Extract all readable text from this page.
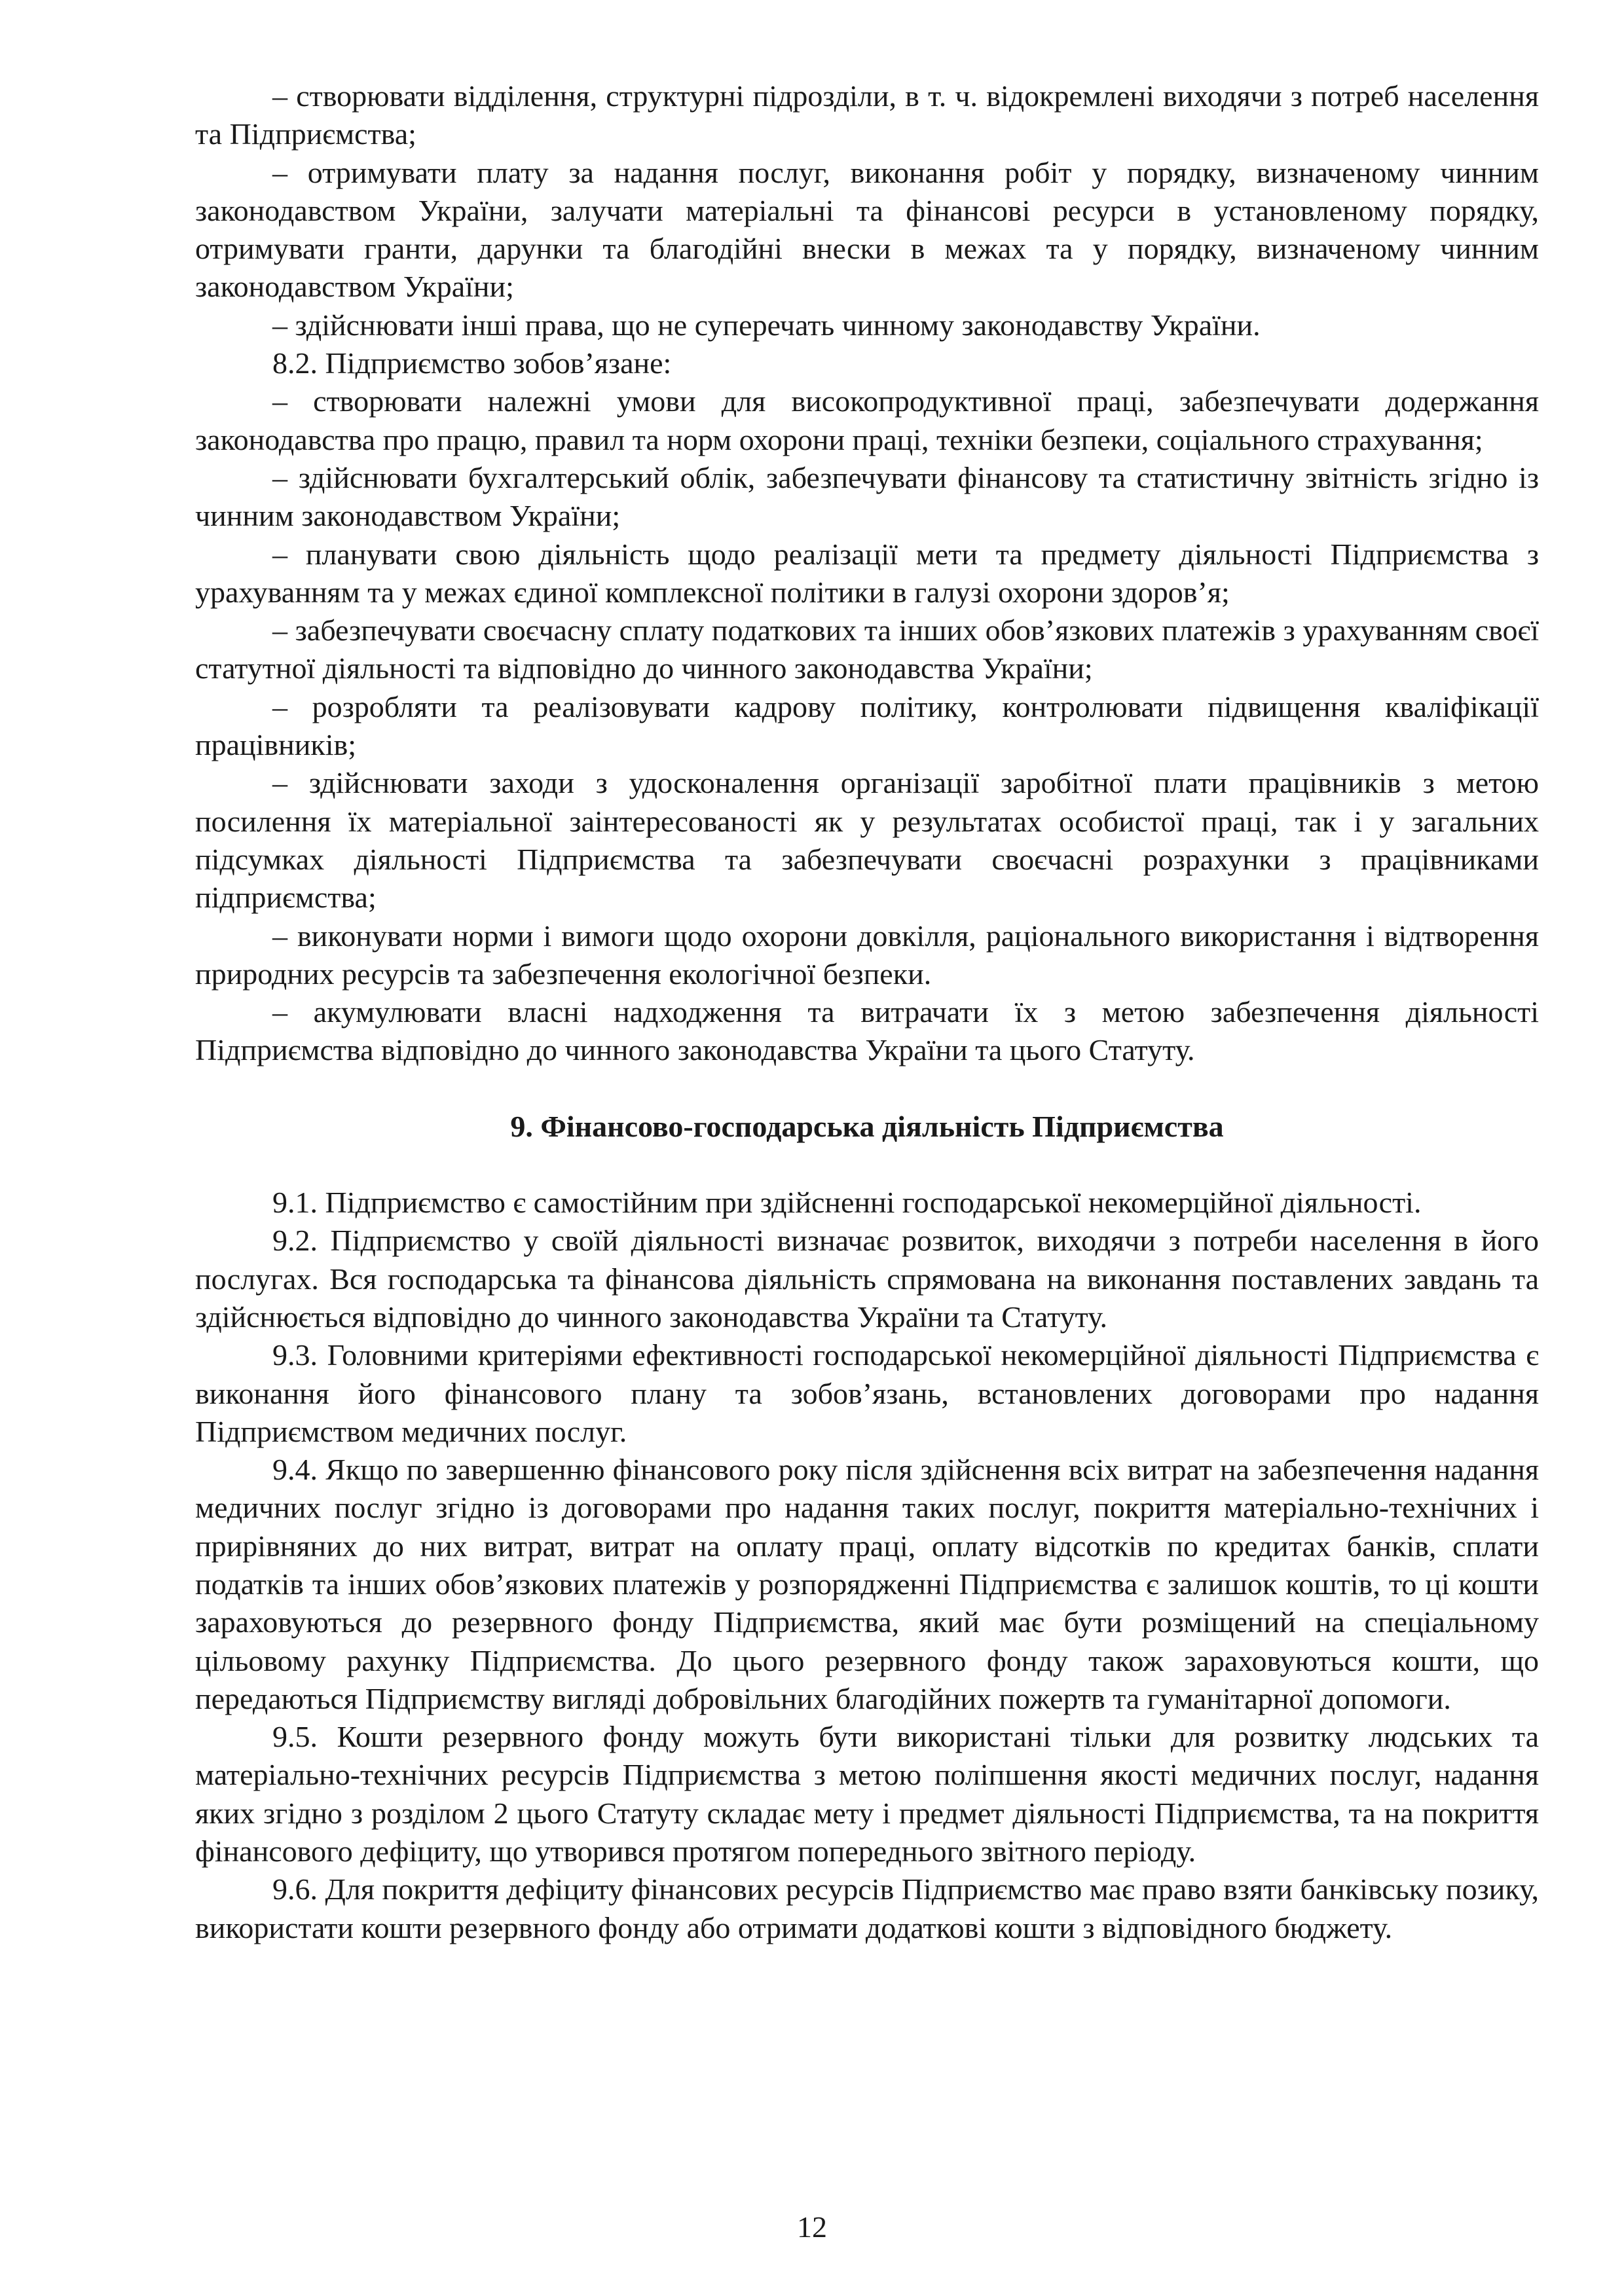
– створювати відділення, структурні підрозділи, в т. ч. відокремлені виходячи з потреб населення та Підприємства;

– отримувати плату за надання послуг, виконання робіт у порядку, визначеному чинним законодавством України, залучати матеріальні та фінансові ресурси в установленому порядку, отримувати гранти, дарунки та благодійні внески в межах та у порядку, визначеному чинним законодавством України;

– здійснювати інші права, що не суперечать чинному законодавству України.

8.2. Підприємство зобов’язане:

– створювати належні умови для високопродуктивної праці, забезпечувати додержання законодавства про працю, правил та норм охорони праці, техніки безпеки, соціального страхування;

– здійснювати бухгалтерський облік, забезпечувати фінансову та статистичну звітність згідно із чинним законодавством України;

– планувати свою діяльність щодо реалізації мети та предмету діяльності Підприємства з урахуванням та у межах єдиної комплексної політики в галузі охорони здоров’я;

– забезпечувати своєчасну сплату податкових та інших обов’язкових платежів з урахуванням своєї статутної діяльності та відповідно до чинного законодавства України;

– розробляти та реалізовувати кадрову політику, контролювати підвищення кваліфікації працівників;

– здійснювати заходи з удосконалення організації заробітної плати працівників з метою посилення їх матеріальної заінтересованості як у результатах особистої праці, так і у загальних підсумках діяльності Підприємства та забезпечувати своєчасні розрахунки з працівниками підприємства;

– виконувати норми і вимоги щодо охорони довкілля, раціонального використання і відтворення природних ресурсів та забезпечення екологічної безпеки.

– акумулювати власні надходження та витрачати їх з метою забезпечення діяльності Підприємства відповідно до чинного законодавства України та цього Статуту.

9. Фінансово-господарська діяльність Підприємства

9.1. Підприємство є самостійним при здійсненні господарської некомерційної діяльності.

9.2. Підприємство у своїй діяльності визначає розвиток, виходячи з потреби населення в його послугах. Вся господарська та фінансова діяльність спрямована на виконання поставлених завдань та здійснюється відповідно до чинного законодавства України та Статуту.

9.3. Головними критеріями ефективності господарської некомерційної діяльності Підприємства є виконання його фінансового плану та зобов’язань, встановлених договорами про надання Підприємством медичних послуг.

9.4. Якщо по завершенню фінансового року після здійснення всіх витрат на забезпечення надання медичних послуг згідно із договорами про надання таких послуг, покриття матеріально-технічних і прирівняних до них витрат, витрат на оплату праці, оплату відсотків по кредитах банків, сплати податків та інших обов’язкових платежів у розпорядженні Підприємства є залишок коштів, то ці кошти зараховуються до резервного фонду Підприємства, який має бути розміщений на спеціальному цільовому рахунку Підприємства. До цього резервного фонду також зараховуються кошти, що передаються Підприємству вигляді добровільних благодійних пожертв та гуманітарної допомоги.

9.5. Кошти резервного фонду можуть бути використані тільки для розвитку людських та матеріально-технічних ресурсів Підприємства з метою поліпшення якості медичних послуг, надання яких згідно з розділом 2 цього Статуту складає мету і предмет діяльності Підприємства, та на покриття фінансового дефіциту, що утворився протягом попереднього звітного періоду.

9.6. Для покриття дефіциту фінансових ресурсів Підприємство має право взяти банківську позику, використати кошти резервного фонду або отримати додаткові кошти з відповідного бюджету.

12
